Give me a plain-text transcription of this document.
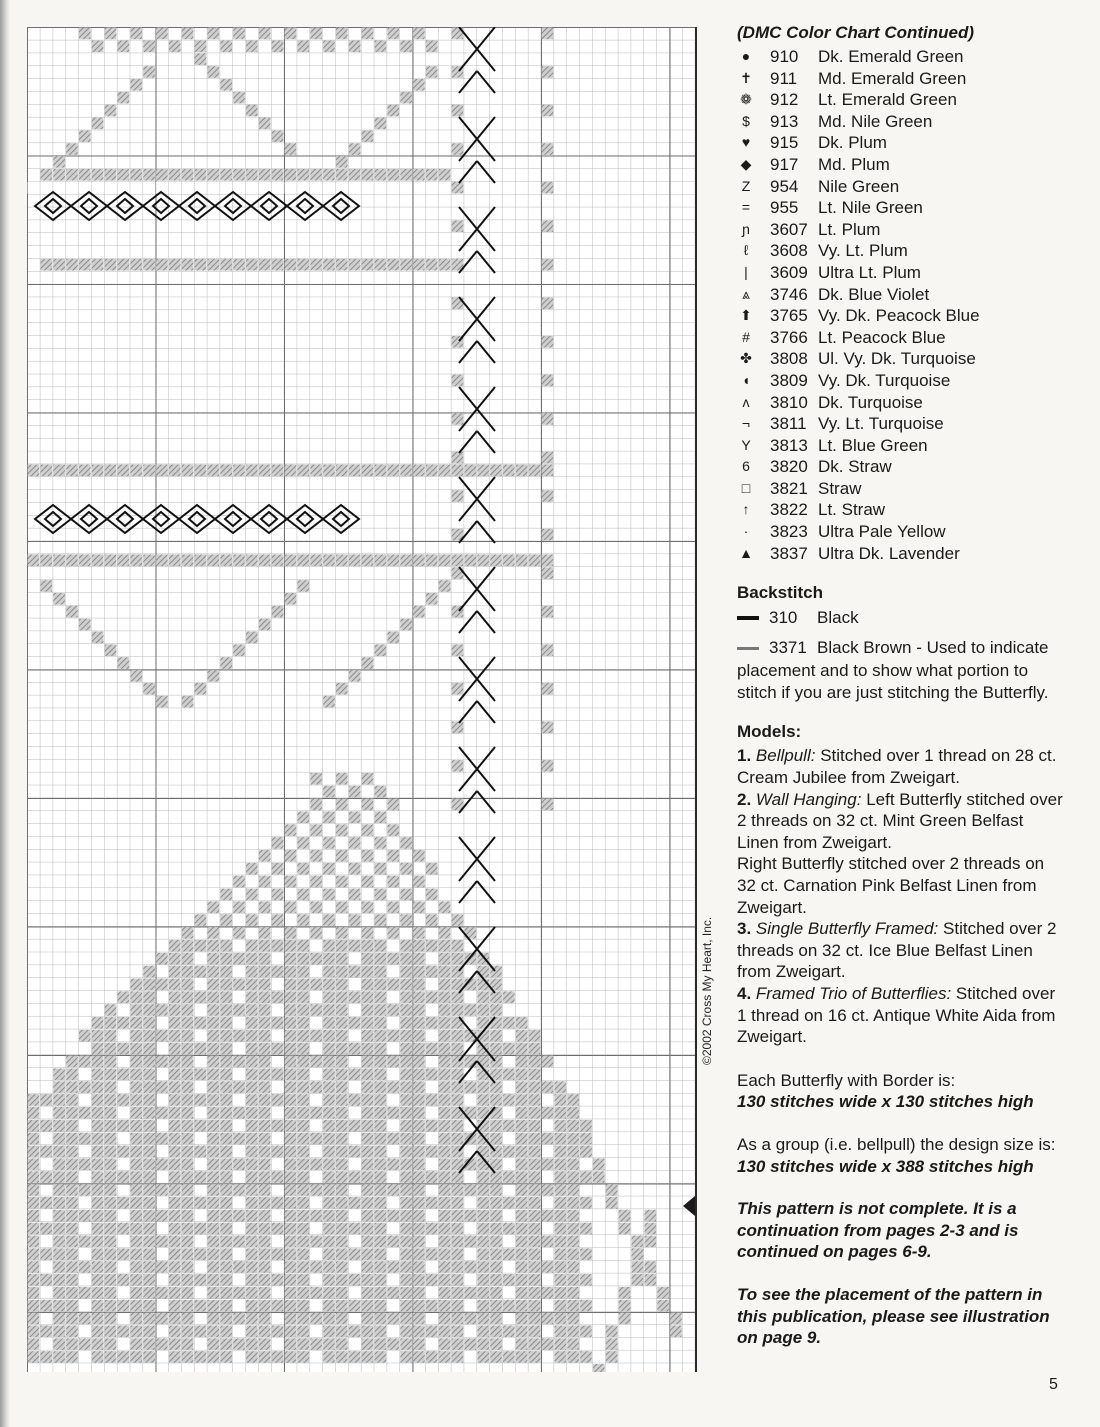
©2002 Cross My Heart, Inc.
(DMC Color Chart Continued)
● 910	Dk. Emerald Green
✝ 911	Md. Emerald Green
❁ 912	Lt. Emerald Green
$	913	Md. Nile Green
♥ 915	Dk. Plum
◆ 917	Md. Plum
Z 954	Nile Green
= 955	Lt. Nile Green
ɲ	3607 Lt. Plum
ℓ	3608 Vy. Lt. Plum
|	3609 Ultra Lt. Plum
⩓ 3746 Dk. Blue Violet
⬆ 3765 Vy. Dk. Peacock Blue
#	3766 Lt. Peacock Blue
✤ 3808 Ul. Vy. Dk. Turquoise
◖ 3809 Vy. Dk. Turquoise
ʌ	3810 Dk. Turquoise
¬ 3811 Vy. Lt. Turquoise
Y 3813 Lt. Blue Green
6	3820 Dk. Straw
□ 3821 Straw
↑	3822 Lt. Straw
·	3823 Ultra Pale Yellow
▲ 3837 Ultra Dk. Lavender
Backstitch
310	Black
3371 Black Brown - Used to indicate

placement and to show what portion to stitch if you are just stitching the Butterfly.

Models:

1. Bellpull: Stitched over 1 thread on 28 ct. Cream Jubilee from Zweigart.

2. Wall Hanging: Left Butterfly stitched over 2 threads on 32 ct. Mint Green Belfast Linen from Zweigart.

Right Butterfly stitched over 2 threads on 32 ct. Carnation Pink Belfast Linen from Zweigart.

3. Single Butterfly Framed: Stitched over 2 threads on 32 ct. Ice Blue Belfast Linen from Zweigart.

4. Framed Trio of Butterflies: Stitched over 1 thread on 16 ct. Antique White Aida from Zweigart.

Each Butterfly with Border is:

130 stitches wide x 130 stitches high

As a group (i.e. bellpull) the design size is:

130 stitches wide x 388 stitches high

This pattern is not complete. It is a continuation from pages 2-3 and is continued on pages 6-9.

To see the placement of the pattern in this publication, please see illustration on page 9.

5
